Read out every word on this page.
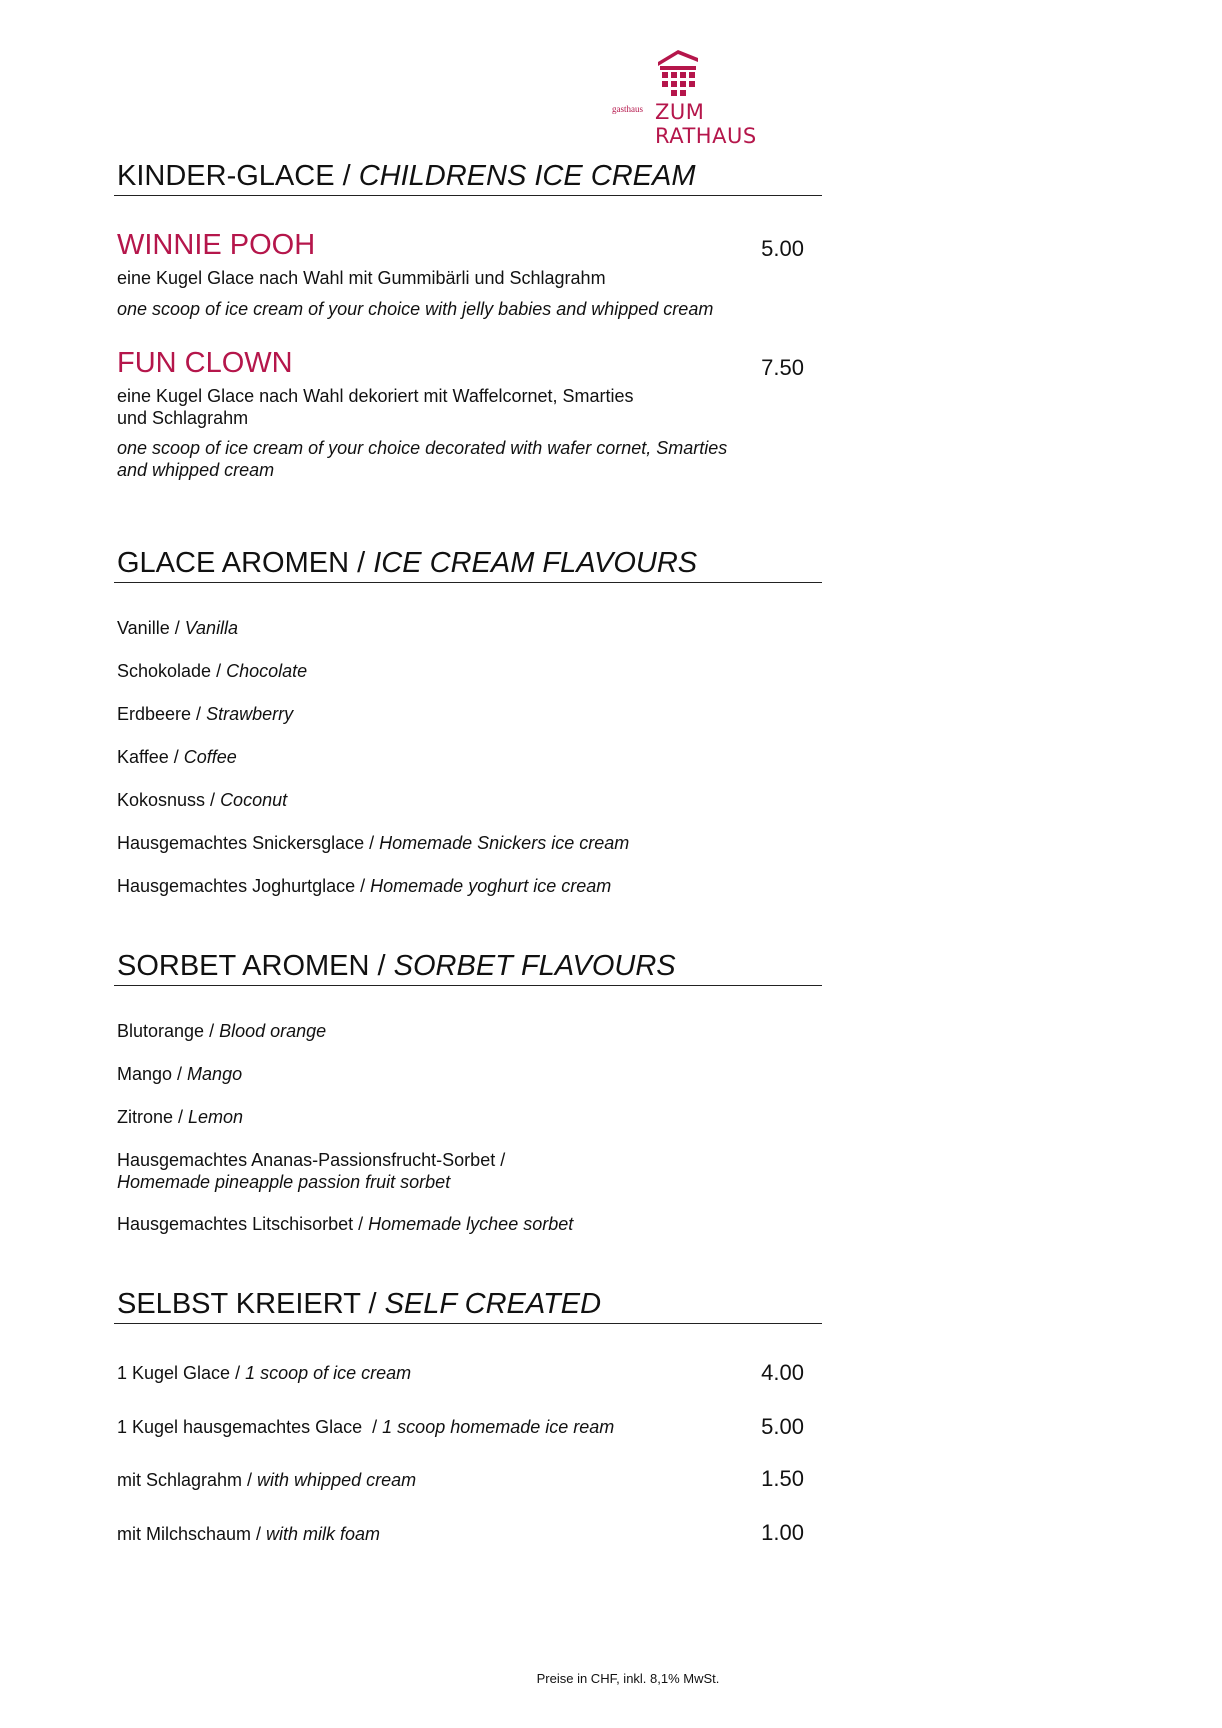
gasthaus ZUM RATHAUS
KINDER-GLACE / CHILDRENS ICE CREAM
WINNIE POOH	5.00
eine Kugel Glace nach Wahl mit Gummibärli und Schlagrahm
one scoop of ice cream of your choice with jelly babies and whipped cream
FUN CLOWN	7.50
eine Kugel Glace nach Wahl dekoriert mit Waffelcornet, Smarties
und Schlagrahm
one scoop of ice cream of your choice decorated with wafer cornet, Smarties
and whipped cream
GLACE AROMEN / ICE CREAM FLAVOURS
Vanille / Vanilla
Schokolade / Chocolate
Erdbeere / Strawberry
Kaffee / Coffee
Kokosnuss / Coconut
Hausgemachtes Snickersglace / Homemade Snickers ice cream
Hausgemachtes Joghurtglace / Homemade yoghurt ice cream
SORBET AROMEN / SORBET FLAVOURS
Blutorange / Blood orange
Mango / Mango
Zitrone / Lemon
Hausgemachtes Ananas-Passionsfrucht-Sorbet /
Homemade pineapple passion fruit sorbet
Hausgemachtes Litschisorbet / Homemade lychee sorbet
SELBST KREIERT / SELF CREATED
1 Kugel Glace / 1 scoop of ice cream	4.00
1 Kugel hausgemachtes Glace  / 1 scoop homemade ice ream	5.00
mit Schlagrahm / with whipped cream	1.50
mit Milchschaum / with milk foam	1.00
Preise in CHF, inkl. 8,1% MwSt.
